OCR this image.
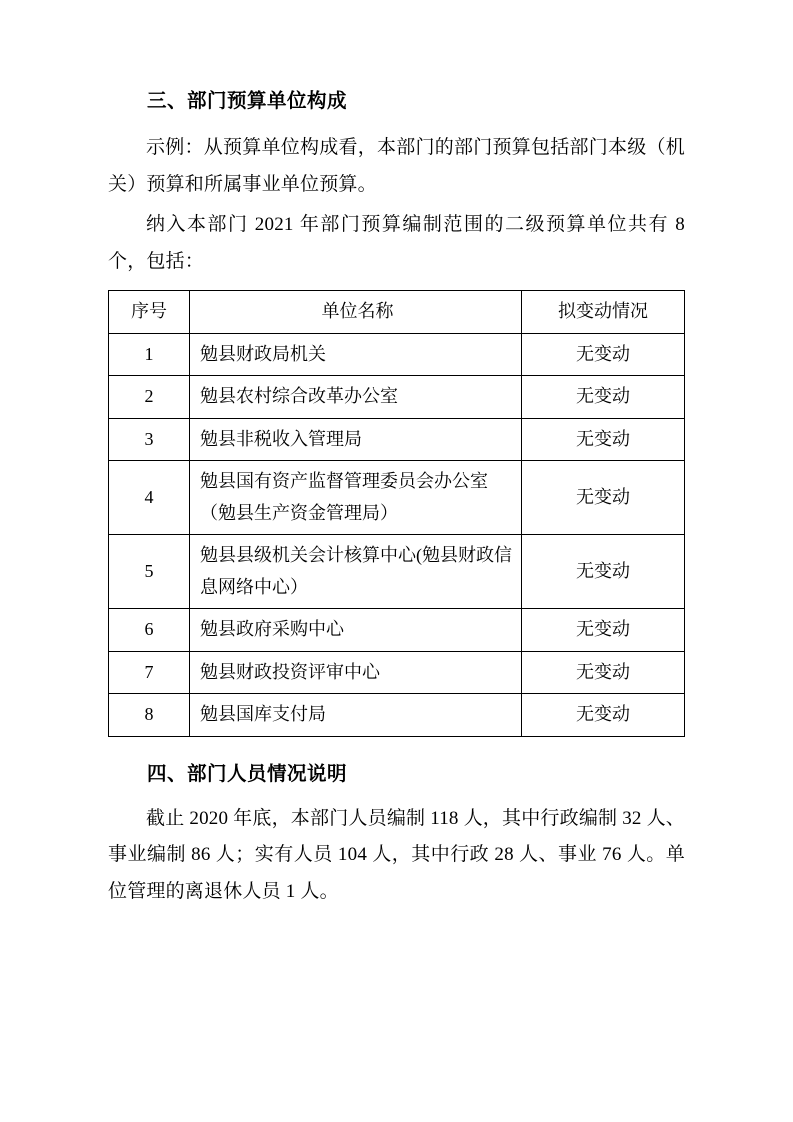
三、部门预算单位构成

示例：从预算单位构成看，本部门的部门预算包括部门本级（机关）预算和所属事业单位预算。

纳入本部门 2021 年部门预算编制范围的二级预算单位共有 8 个，包括：

序号	单位名称	拟变动情况
1	勉县财政局机关	无变动
2	勉县农村综合改革办公室	无变动
3	勉县非税收入管理局	无变动
4	勉县国有资产监督管理委员会办公室（勉县生产资金管理局）	无变动
5	勉县县级机关会计核算中心(勉县财政信息网络中心）	无变动
6	勉县政府采购中心	无变动
7	勉县财政投资评审中心	无变动
8	勉县国库支付局	无变动
四、部门人员情况说明

截止 2020 年底，本部门人员编制 118 人，其中行政编制 32 人、事业编制 86 人；实有人员 104 人，其中行政 28 人、事业 76 人。单位管理的离退休人员 1 人。
